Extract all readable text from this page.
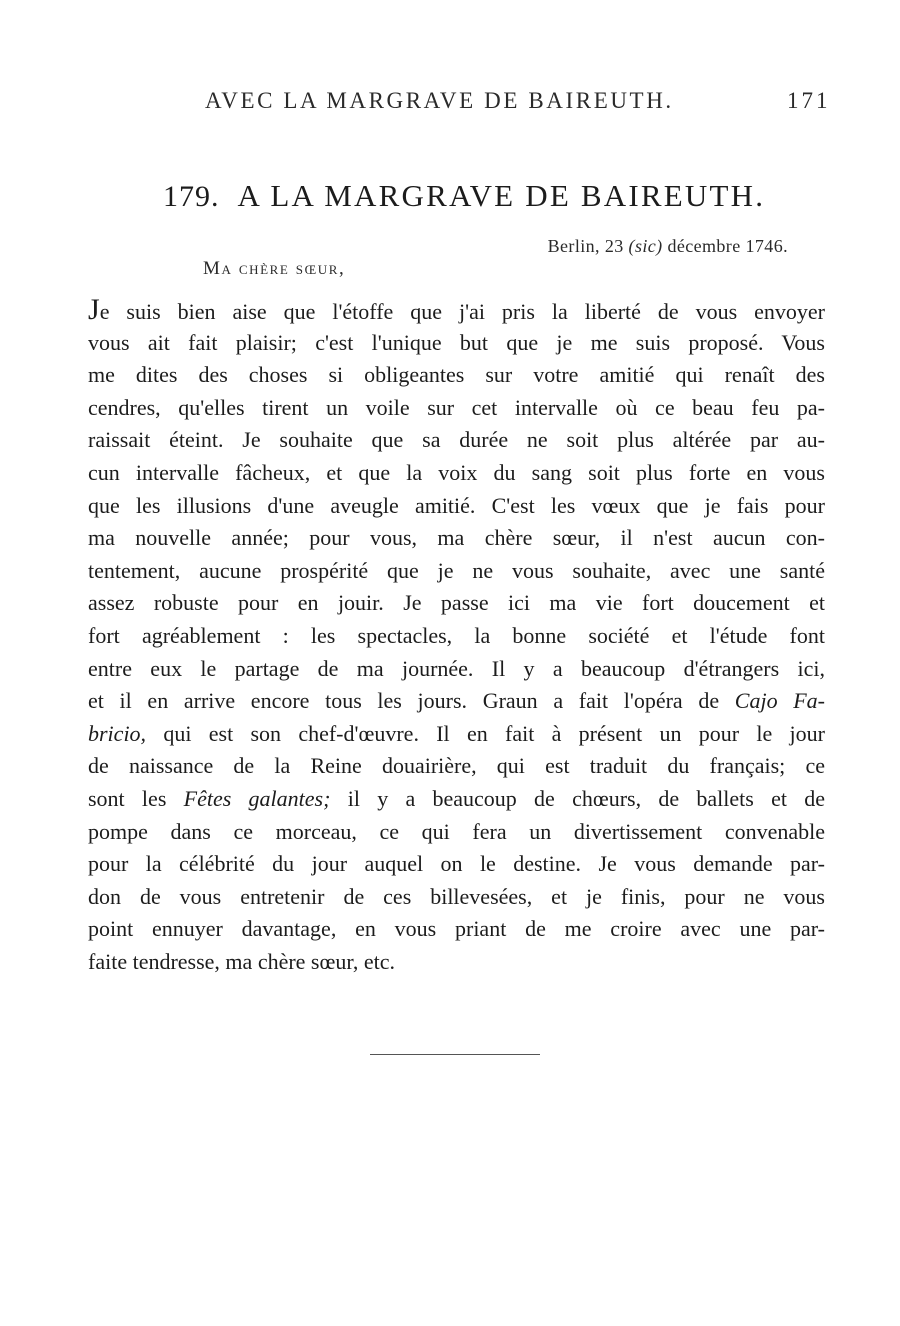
AVEC LA MARGRAVE DE BAIREUTH.	171
179. A LA MARGRAVE DE BAIREUTH.
Berlin, 23 (sic) décembre 1746.
Ma chère sœur,
Je suis bien aise que l'étoffe que j'ai pris la liberté de vous envoyer
vous ait fait plaisir; c'est l'unique but que je me suis proposé. Vous
me dites des choses si obligeantes sur votre amitié qui renaît des
cendres, qu'elles tirent un voile sur cet intervalle où ce beau feu pa-
raissait éteint. Je souhaite que sa durée ne soit plus altérée par au-
cun intervalle fâcheux, et que la voix du sang soit plus forte en vous
que les illusions d'une aveugle amitié. C'est les vœux que je fais pour
ma nouvelle année; pour vous, ma chère sœur, il n'est aucun con-
tentement, aucune prospérité que je ne vous souhaite, avec une santé
assez robuste pour en jouir. Je passe ici ma vie fort doucement et
fort agréablement : les spectacles, la bonne société et l'étude font
entre eux le partage de ma journée. Il y a beaucoup d'étrangers ici,
et il en arrive encore tous les jours. Graun a fait l'opéra de Cajo Fa-
bricio, qui est son chef-d'œuvre. Il en fait à présent un pour le jour
de naissance de la Reine douairière, qui est traduit du français; ce
sont les Fêtes galantes; il y a beaucoup de chœurs, de ballets et de
pompe dans ce morceau, ce qui fera un divertissement convenable
pour la célébrité du jour auquel on le destine. Je vous demande par-
don de vous entretenir de ces billevesées, et je finis, pour ne vous
point ennuyer davantage, en vous priant de me croire avec une par-
faite tendresse, ma chère sœur, etc.
